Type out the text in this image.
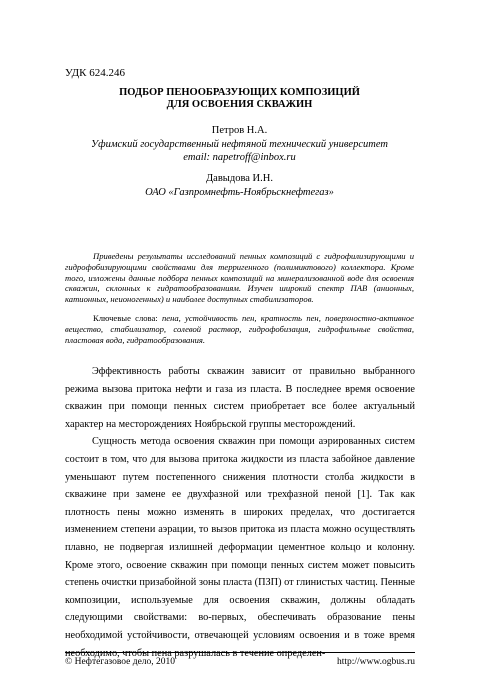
УДК 624.246
ПОДБОР ПЕНООБРАЗУЮЩИХ КОМПОЗИЦИЙ
ДЛЯ ОСВОЕНИЯ СКВАЖИН
Петров Н.А.
Уфимский государственный нефтяной технический университет
email: napetroff@inbox.ru
Давыдова И.Н.
ОАО «Газпромнефть-Ноябрьскнефтегаз»

Приведены результаты исследований пенных композиций с гидрофилизирующими и гидрофобизирующими свойствами для терригенного (полимиктового) коллектора. Кроме того, изложены данные подбора пенных композиций на минерализованной воде для освоения скважин, склонных к гидратообразованиям. Изучен широкий спектр ПАВ (анионных, катионных, неионогенных) и наиболее доступных стабилизаторов.

Ключевые слова: пена, устойчивость пен, кратность пен, поверхностно-активное вещество, стабилизатор, солевой раствор, гидрофобизация, гидрофильные свойства, пластовая вода, гидратообразования.

Эффективность работы скважин зависит от правильно выбранного режима вызова притока нефти и газа из пласта. В последнее время освоение скважин при помощи пенных систем приобретает все более актуальный характер на месторождениях Ноябрьской группы месторождений.

Сущность метода освоения скважин при помощи аэрированных систем состоит в том, что для вызова притока жидкости из пласта забойное давление уменьшают путем постепенного снижения плотности столба жидкости в скважине при замене ее двухфазной или трехфазной пеной [1]. Так как плотность пены можно изменять в широких пределах, что достигается изменением степени аэрации, то вызов притока из пласта можно осуществлять плавно, не подвергая излишней деформации цементное кольцо и колонну. Кроме этого, освоение скважин при помощи пенных систем может повысить степень очистки призабойной зоны пласта (ПЗП) от глинистых частиц. Пенные композиции, используемые для освоения скважин, должны обладать следующими свойствами: во-первых, обеспечивать образование пены необходимой устойчивости, отвечающей условиям освоения и в тоже время необходимо, чтобы пена разрушалась в течение определен-

© Нефтегазовое дело, 2010	http://www.ogbus.ru
